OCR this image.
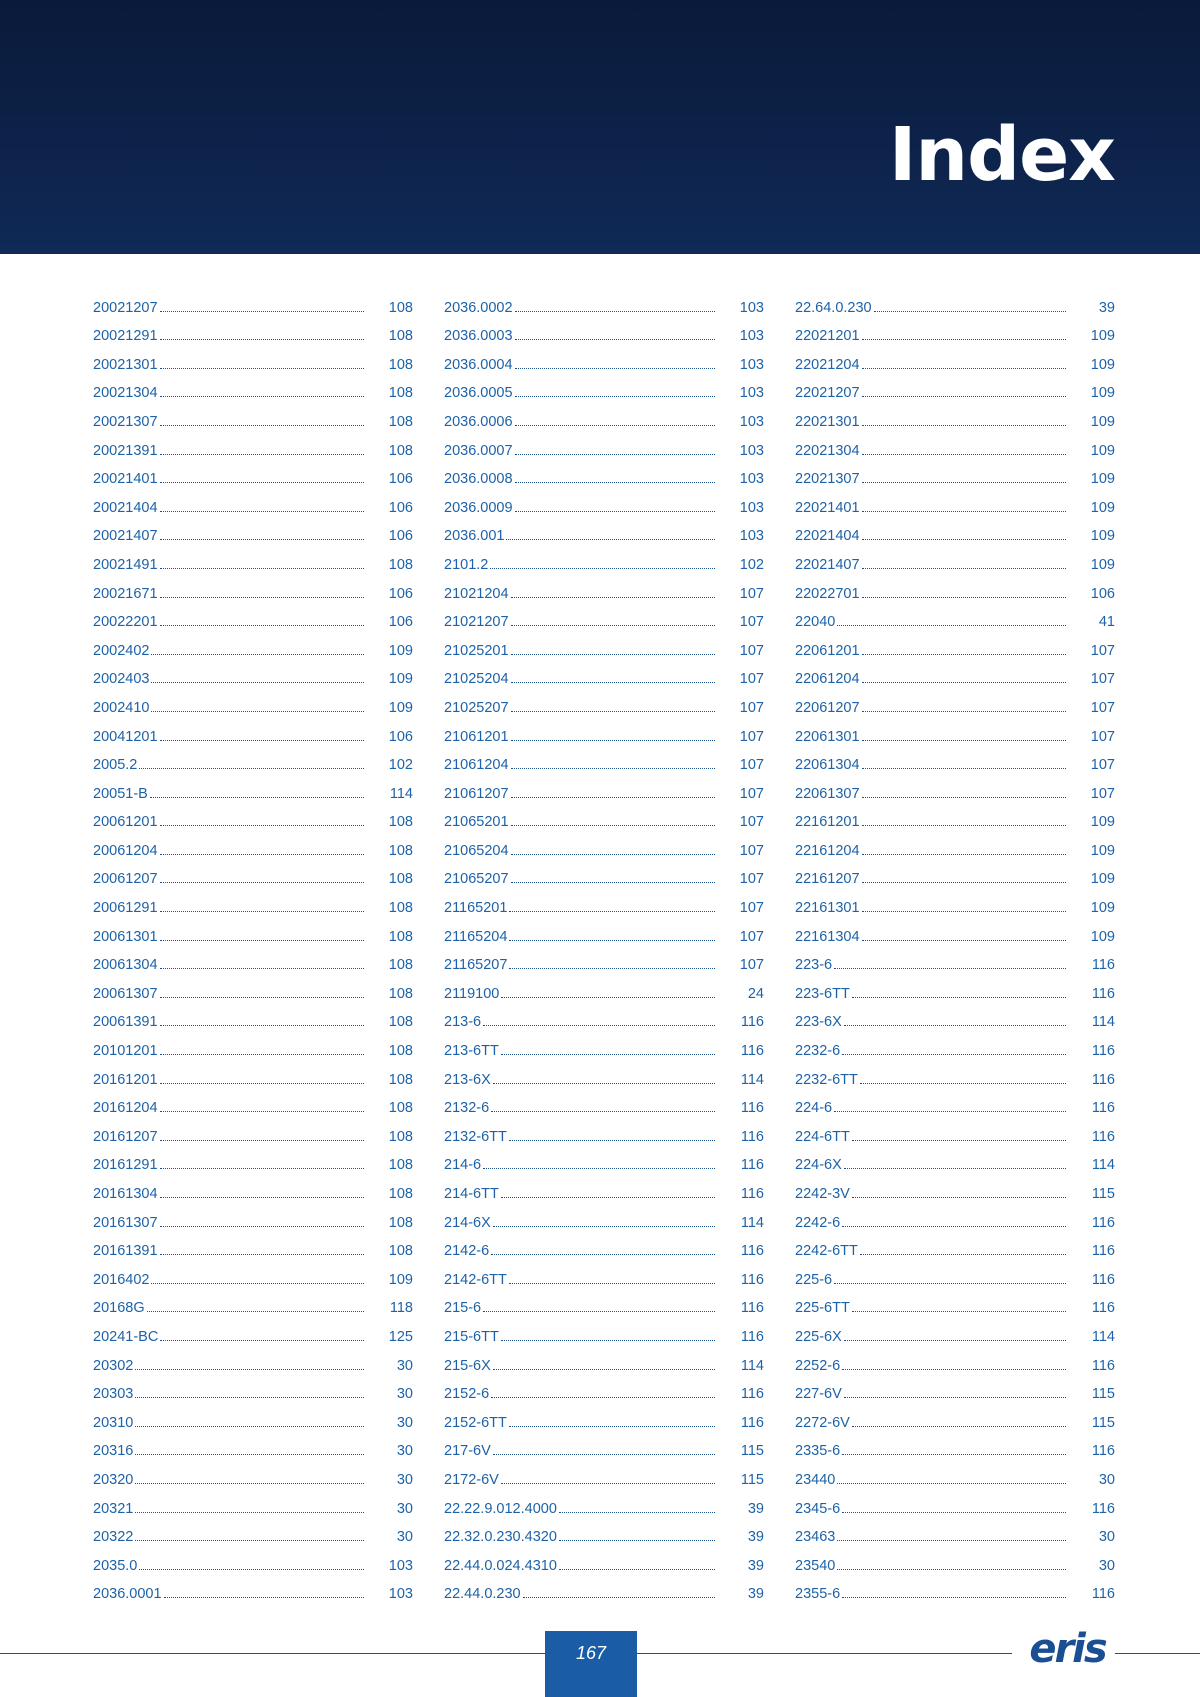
Index
20021207	108
20021291	108
20021301	108
20021304	108
20021307	108
20021391	108
20021401	106
20021404	106
20021407	106
20021491	108
20021671	106
20022201	106
2002402	109
2002403	109
2002410	109
20041201	106
2005.2	102
20051-B	114
20061201	108
20061204	108
20061207	108
20061291	108
20061301	108
20061304	108
20061307	108
20061391	108
20101201	108
20161201	108
20161204	108
20161207	108
20161291	108
20161304	108
20161307	108
20161391	108
2016402	109
20168G	118
20241-BC	125
20302	30
20303	30
20310	30
20316	30
20320	30
20321	30
20322	30
2035.0	103
2036.0001	103
2036.0002	103
2036.0003	103
2036.0004	103
2036.0005	103
2036.0006	103
2036.0007	103
2036.0008	103
2036.0009	103
2036.001	103
2101.2	102
21021204	107
21021207	107
21025201	107
21025204	107
21025207	107
21061201	107
21061204	107
21061207	107
21065201	107
21065204	107
21065207	107
21165201	107
21165204	107
21165207	107
2119100	24
213-6	116
213-6TT	116
213-6X	114
2132-6	116
2132-6TT	116
214-6	116
214-6TT	116
214-6X	114
2142-6	116
2142-6TT	116
215-6	116
215-6TT	116
215-6X	114
2152-6	116
2152-6TT	116
217-6V	115
2172-6V	115
22.22.9.012.4000	39
22.32.0.230.4320	39
22.44.0.024.4310	39
22.44.0.230	39
22.64.0.230	39
22021201	109
22021204	109
22021207	109
22021301	109
22021304	109
22021307	109
22021401	109
22021404	109
22021407	109
22022701	106
22040	41
22061201	107
22061204	107
22061207	107
22061301	107
22061304	107
22061307	107
22161201	109
22161204	109
22161207	109
22161301	109
22161304	109
223-6	116
223-6TT	116
223-6X	114
2232-6	116
2232-6TT	116
224-6	116
224-6TT	116
224-6X	114
2242-3V	115
2242-6	116
2242-6TT	116
225-6	116
225-6TT	116
225-6X	114
2252-6	116
227-6V	115
2272-6V	115
2335-6	116
23440	30
2345-6	116
23463	30
23540	30
2355-6	116
167	eris
